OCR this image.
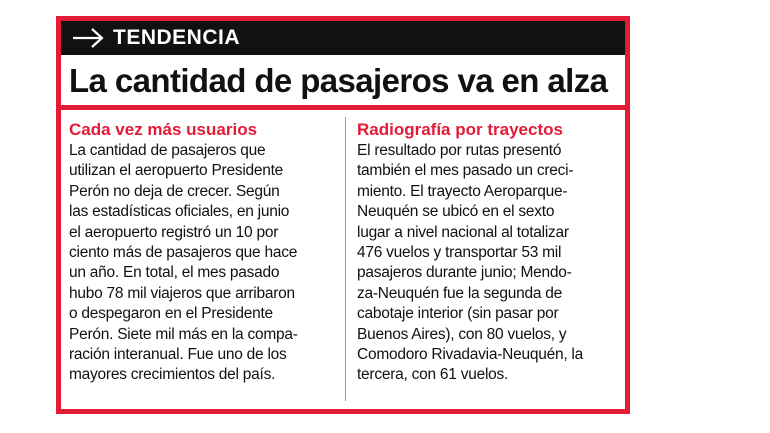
TENDENCIA
La cantidad de pasajeros va en alza
Cada vez más usuarios
La cantidad de pasajeros que
utilizan el aeropuerto Presidente
Perón no deja de crecer. Según
las estadísticas oficiales, en junio
el aeropuerto registró un 10 por
ciento más de pasajeros que hace
un año. En total, el mes pasado
hubo 78 mil viajeros que arribaron
o despegaron en el Presidente
Perón. Siete mil más en la compa-
ración interanual. Fue uno de los
mayores crecimientos del país.
Radiografía por trayectos
El resultado por rutas presentó
también el mes pasado un creci-
miento. El trayecto Aeroparque-
Neuquén se ubicó en el sexto
lugar a nivel nacional al totalizar
476 vuelos y transportar 53 mil
pasajeros durante junio; Mendo-
za-Neuquén fue la segunda de
cabotaje interior (sin pasar por
Buenos Aires), con 80 vuelos, y
Comodoro Rivadavia-Neuquén, la
tercera, con 61 vuelos.
